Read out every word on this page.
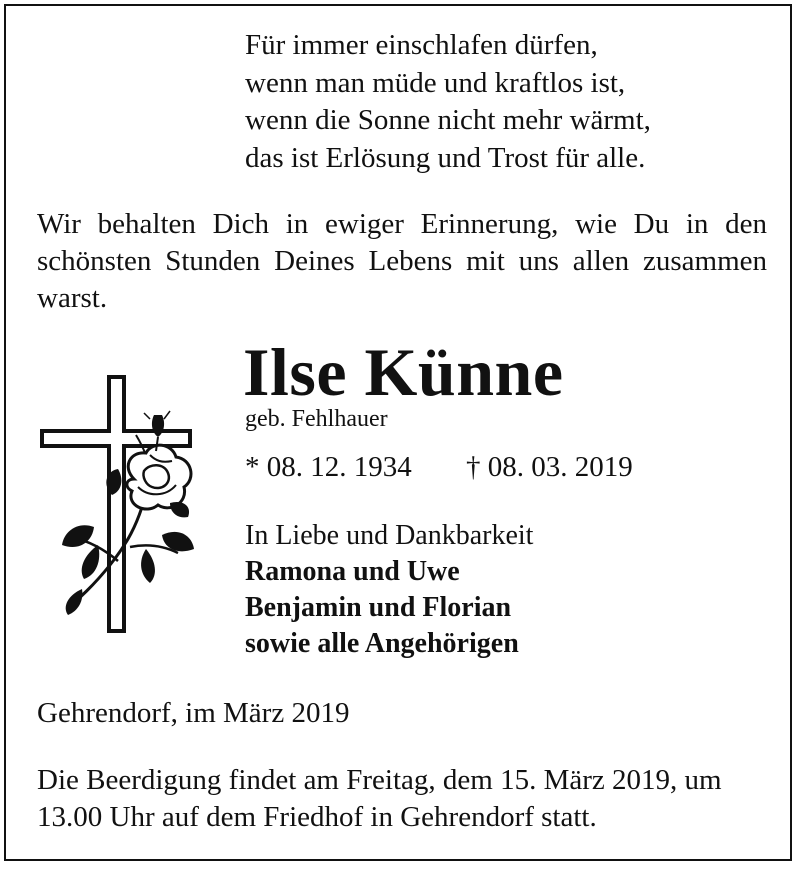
Für immer einschlafen dürfen,
wenn man müde und kraftlos ist,
wenn die Sonne nicht mehr wärmt,
das ist Erlösung und Trost für alle.
Wir behalten Dich in ewiger Erinnerung, wie Du in den schönsten Stunden Deines Lebens mit uns allen zusammen warst.
Ilse Künne
geb. Fehlhauer
* 08. 12. 1934 † 08. 03. 2019
In Liebe und Dankbarkeit
Ramona und Uwe
Benjamin und Florian
sowie alle Angehörigen
Gehrendorf, im März 2019
Die Beerdigung findet am Freitag, dem 15. März 2019, um 13.00 Uhr auf dem Friedhof in Gehrendorf statt.
